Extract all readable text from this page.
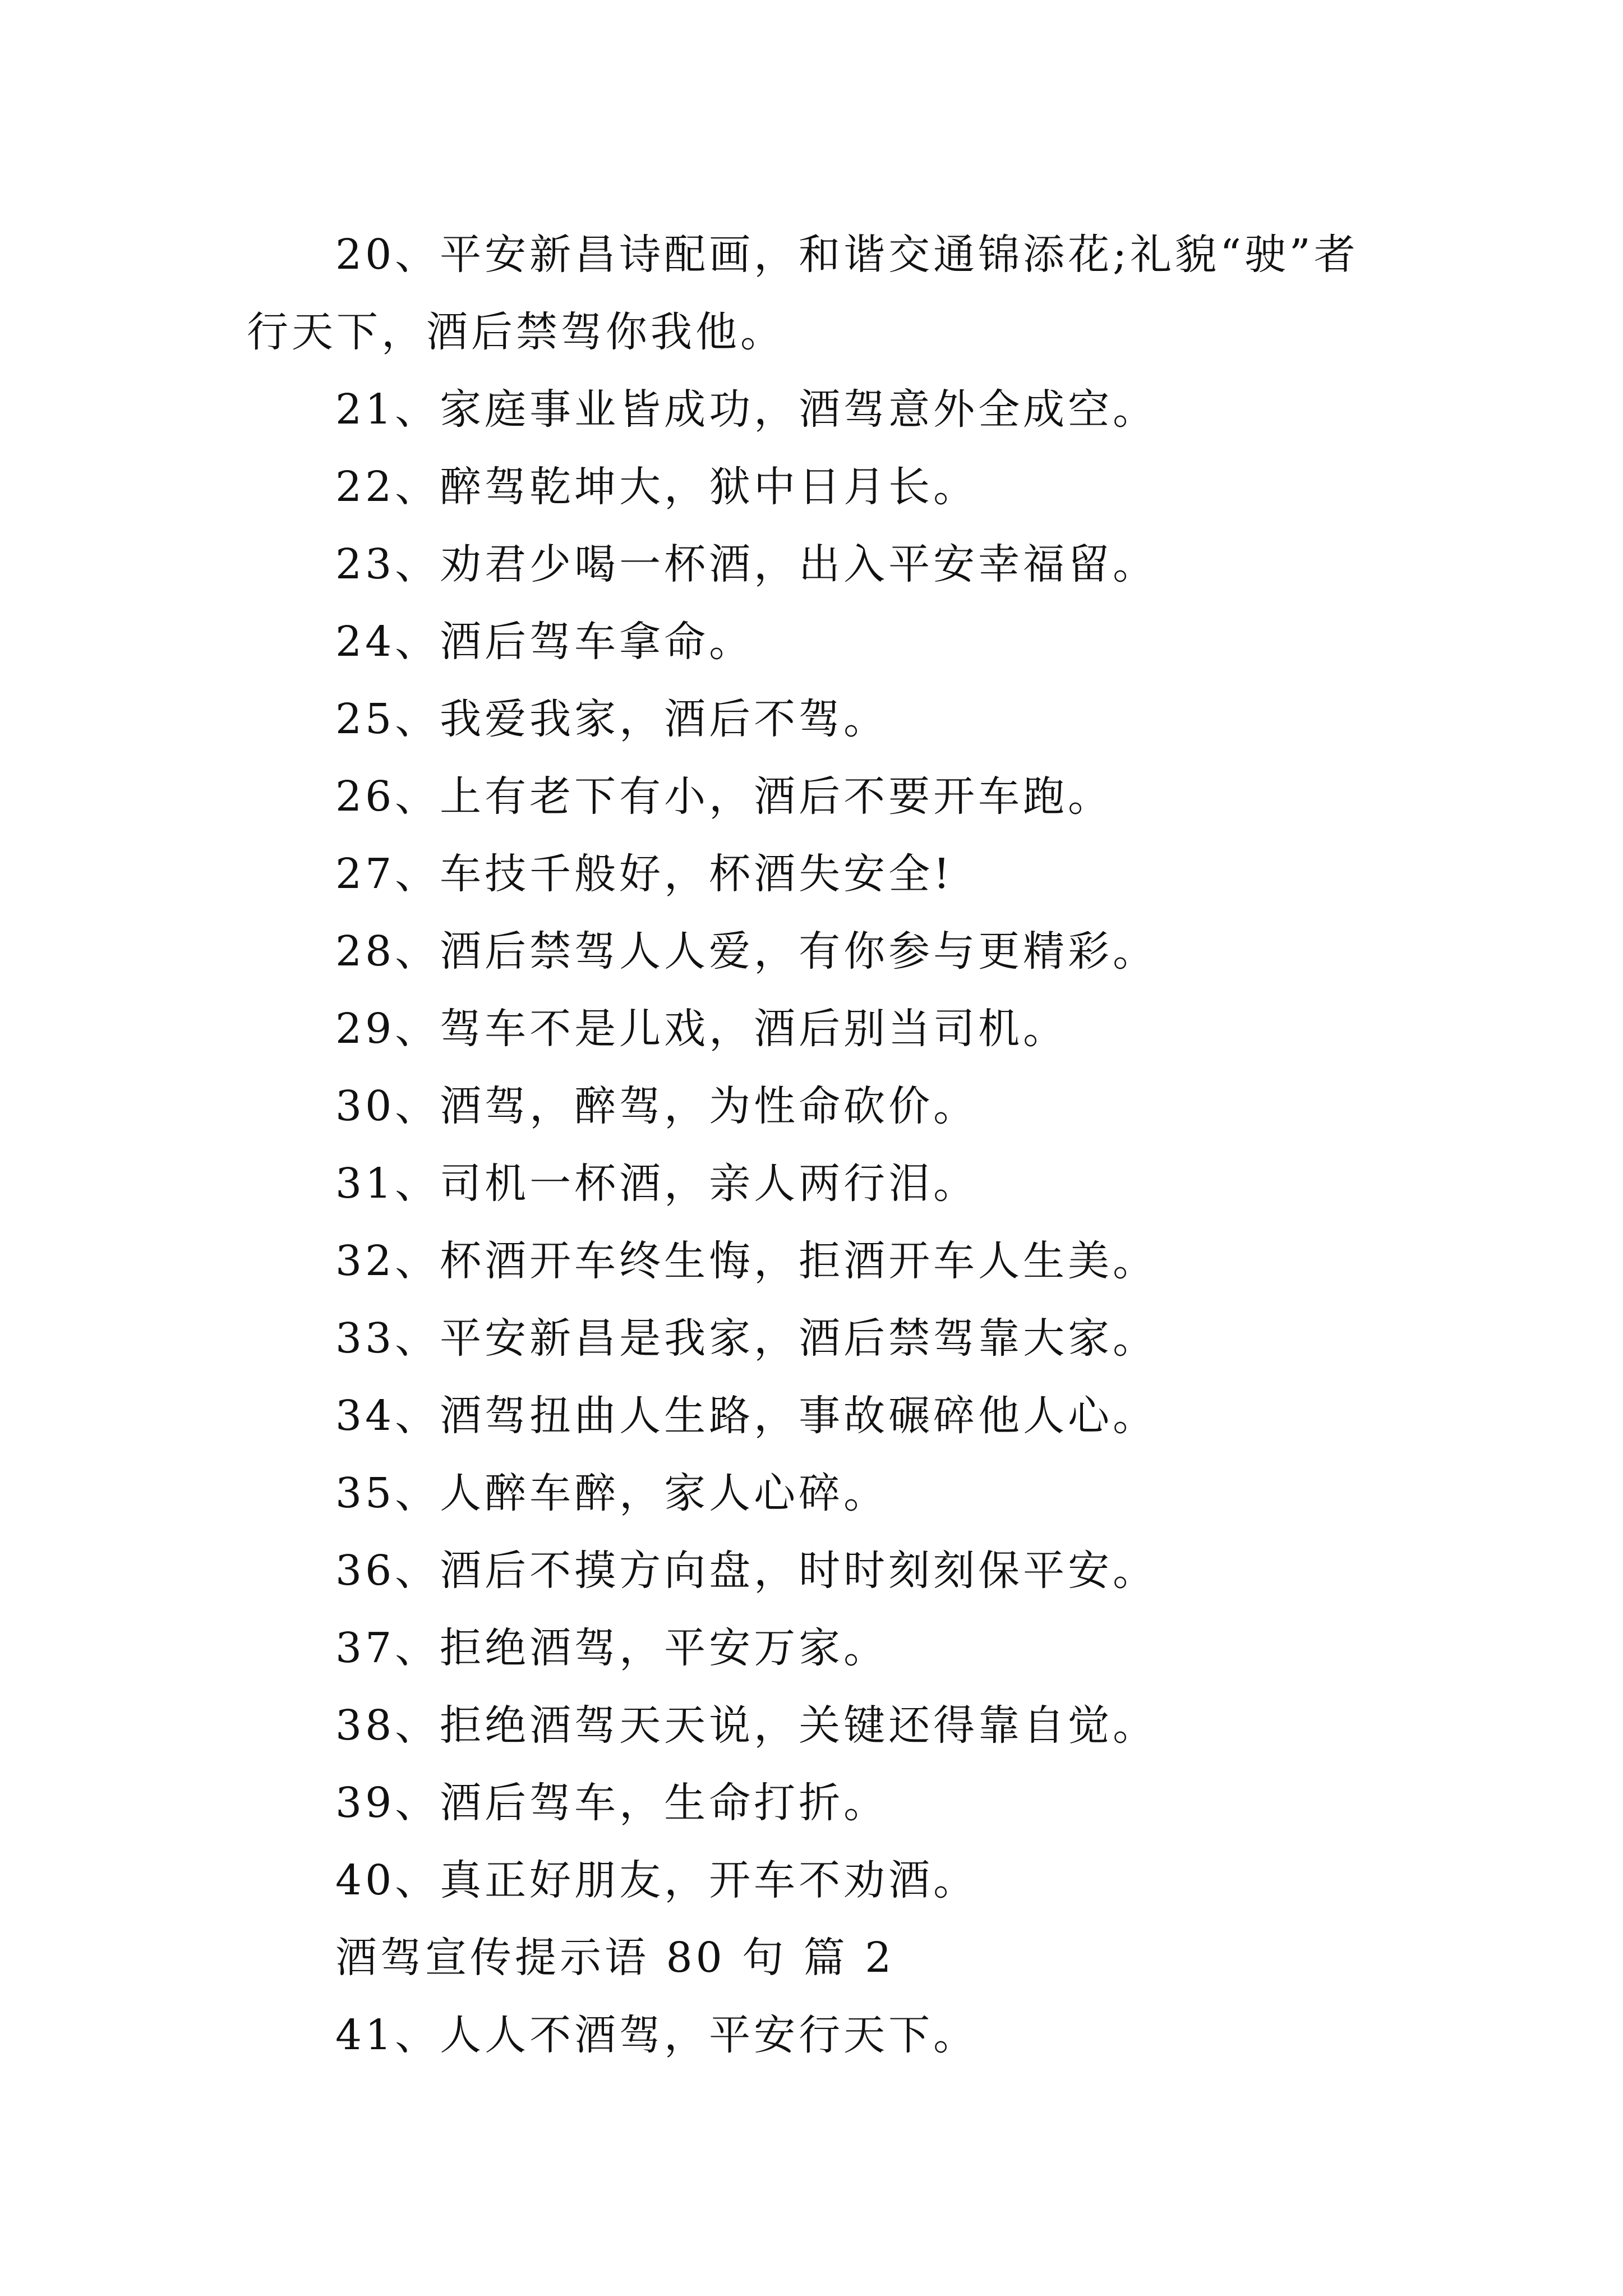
20、平安新昌诗配画，和谐交通锦添花;礼貌“驶”者行天下，酒后禁驾你我他。

21、家庭事业皆成功，酒驾意外全成空。

22、醉驾乾坤大，狱中日月长。

23、劝君少喝一杯酒，出入平安幸福留。

24、酒后驾车拿命。

25、我爱我家，酒后不驾。

26、上有老下有小，酒后不要开车跑。

27、车技千般好，杯酒失安全!

28、酒后禁驾人人爱，有你参与更精彩。

29、驾车不是儿戏，酒后别当司机。

30、酒驾，醉驾，为性命砍价。

31、司机一杯酒，亲人两行泪。

32、杯酒开车终生悔，拒酒开车人生美。

33、平安新昌是我家，酒后禁驾靠大家。

34、酒驾扭曲人生路，事故碾碎他人心。

35、人醉车醉，家人心碎。

36、酒后不摸方向盘，时时刻刻保平安。

37、拒绝酒驾，平安万家。

38、拒绝酒驾天天说，关键还得靠自觉。

39、酒后驾车，生命打折。

40、真正好朋友，开车不劝酒。

酒驾宣传提示语 80 句 篇 2

41、人人不酒驾，平安行天下。
